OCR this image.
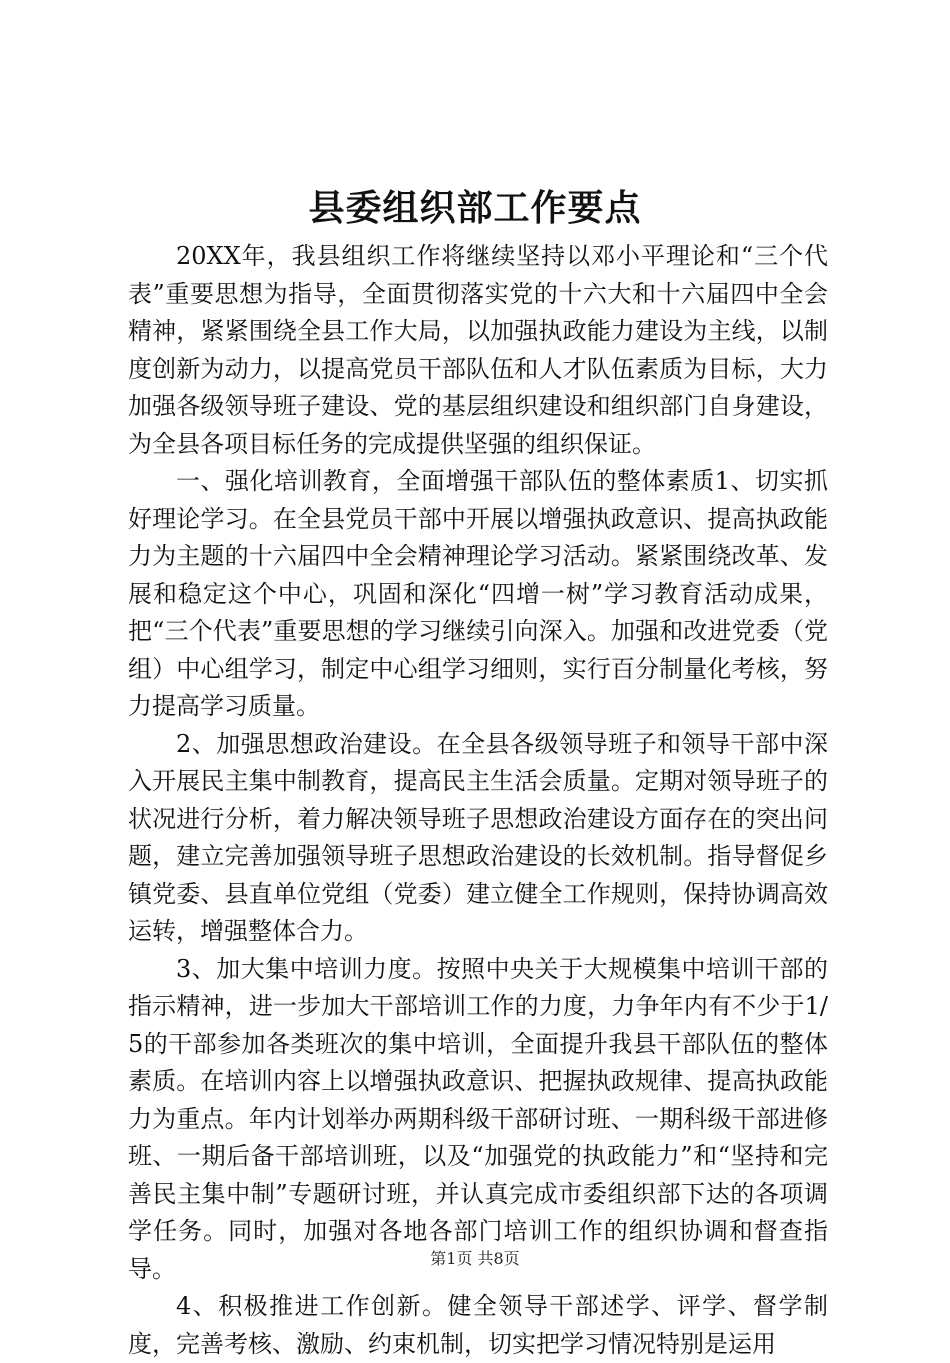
县委组织部工作要点

20XX年，我县组织工作将继续坚持以邓小平理论和“三个代表”重要思想为指导，全面贯彻落实党的十六大和十六届四中全会精神，紧紧围绕全县工作大局，以加强执政能力建设为主线，以制度创新为动力，以提高党员干部队伍和人才队伍素质为目标，大力加强各级领导班子建设、党的基层组织建设和组织部门自身建设，为全县各项目标任务的完成提供坚强的组织保证。

一、强化培训教育，全面增强干部队伍的整体素质1、切实抓好理论学习。在全县党员干部中开展以增强执政意识、提高执政能力为主题的十六届四中全会精神理论学习活动。紧紧围绕改革、发展和稳定这个中心，巩固和深化“四增一树”学习教育活动成果，把“三个代表”重要思想的学习继续引向深入。加强和改进党委（党组）中心组学习，制定中心组学习细则，实行百分制量化考核，努力提高学习质量。

2、加强思想政治建设。在全县各级领导班子和领导干部中深入开展民主集中制教育，提高民主生活会质量。定期对领导班子的状况进行分析，着力解决领导班子思想政治建设方面存在的突出问题，建立完善加强领导班子思想政治建设的长效机制。指导督促乡镇党委、县直单位党组（党委）建立健全工作规则，保持协调高效运转，增强整体合力。

3、加大集中培训力度。按照中央关于大规模集中培训干部的指示精神，进一步加大干部培训工作的力度，力争年内有不少于1/5的干部参加各类班次的集中培训，全面提升我县干部队伍的整体素质。在培训内容上以增强执政意识、把握执政规律、提高执政能力为重点。年内计划举办两期科级干部研讨班、一期科级干部进修班、一期后备干部培训班，以及“加强党的执政能力”和“坚持和完善民主集中制”专题研讨班，并认真完成市委组织部下达的各项调学任务。同时，加强对各地各部门培训工作的组织协调和督查指导。

4、积极推进工作创新。健全领导干部述学、评学、督学制度，完善考核、激励、约束机制，切实把学习情况特别是运用

第1页 共8页
